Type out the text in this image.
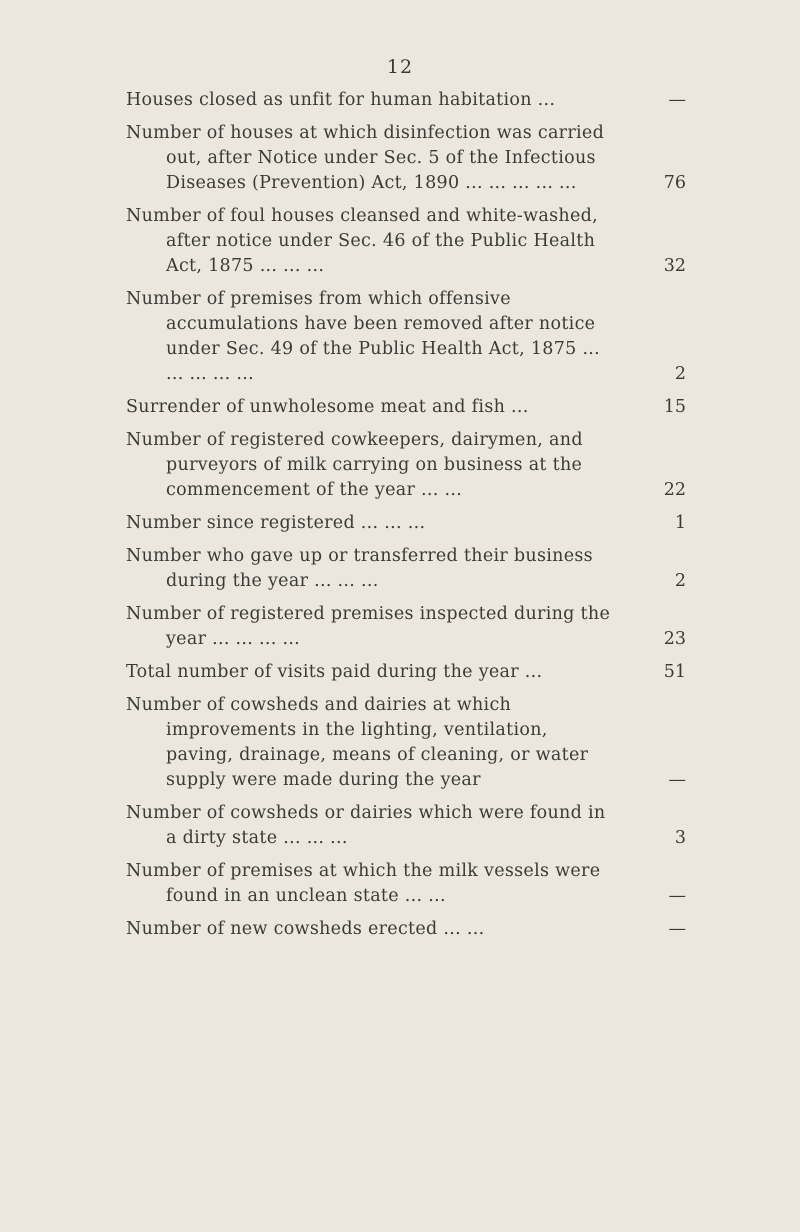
12
Houses closed as unfit for human habitation ...	—
Number of houses at which disinfection was carried out, after Notice under Sec. 5 of the Infectious Diseases (Prevention) Act, 1890 ... ... ... ... ...	76
Number of foul houses cleansed and white-washed, after notice under Sec. 46 of the Public Health Act, 1875 ... ... ...	32
Number of premises from which offensive accumulations have been removed after notice under Sec. 49 of the Public Health Act, 1875 ... ... ... ... ...	2
Surrender of unwholesome meat and fish ...	15
Number of registered cowkeepers, dairymen, and purveyors of milk carrying on business at the commencement of the year ... ...	22
Number since registered ... ... ...	1
Number who gave up or transferred their business during the year ... ... ...	2
Number of registered premises inspected during the year ... ... ... ...	23
Total number of visits paid during the year ...	51
Number of cowsheds and dairies at which improvements in the lighting, ventilation, paving, drainage, means of cleaning, or water supply were made during the year	—
Number of cowsheds or dairies which were found in a dirty state ... ... ...	3
Number of premises at which the milk vessels were found in an unclean state ... ...	—
Number of new cowsheds erected ... ...	—
